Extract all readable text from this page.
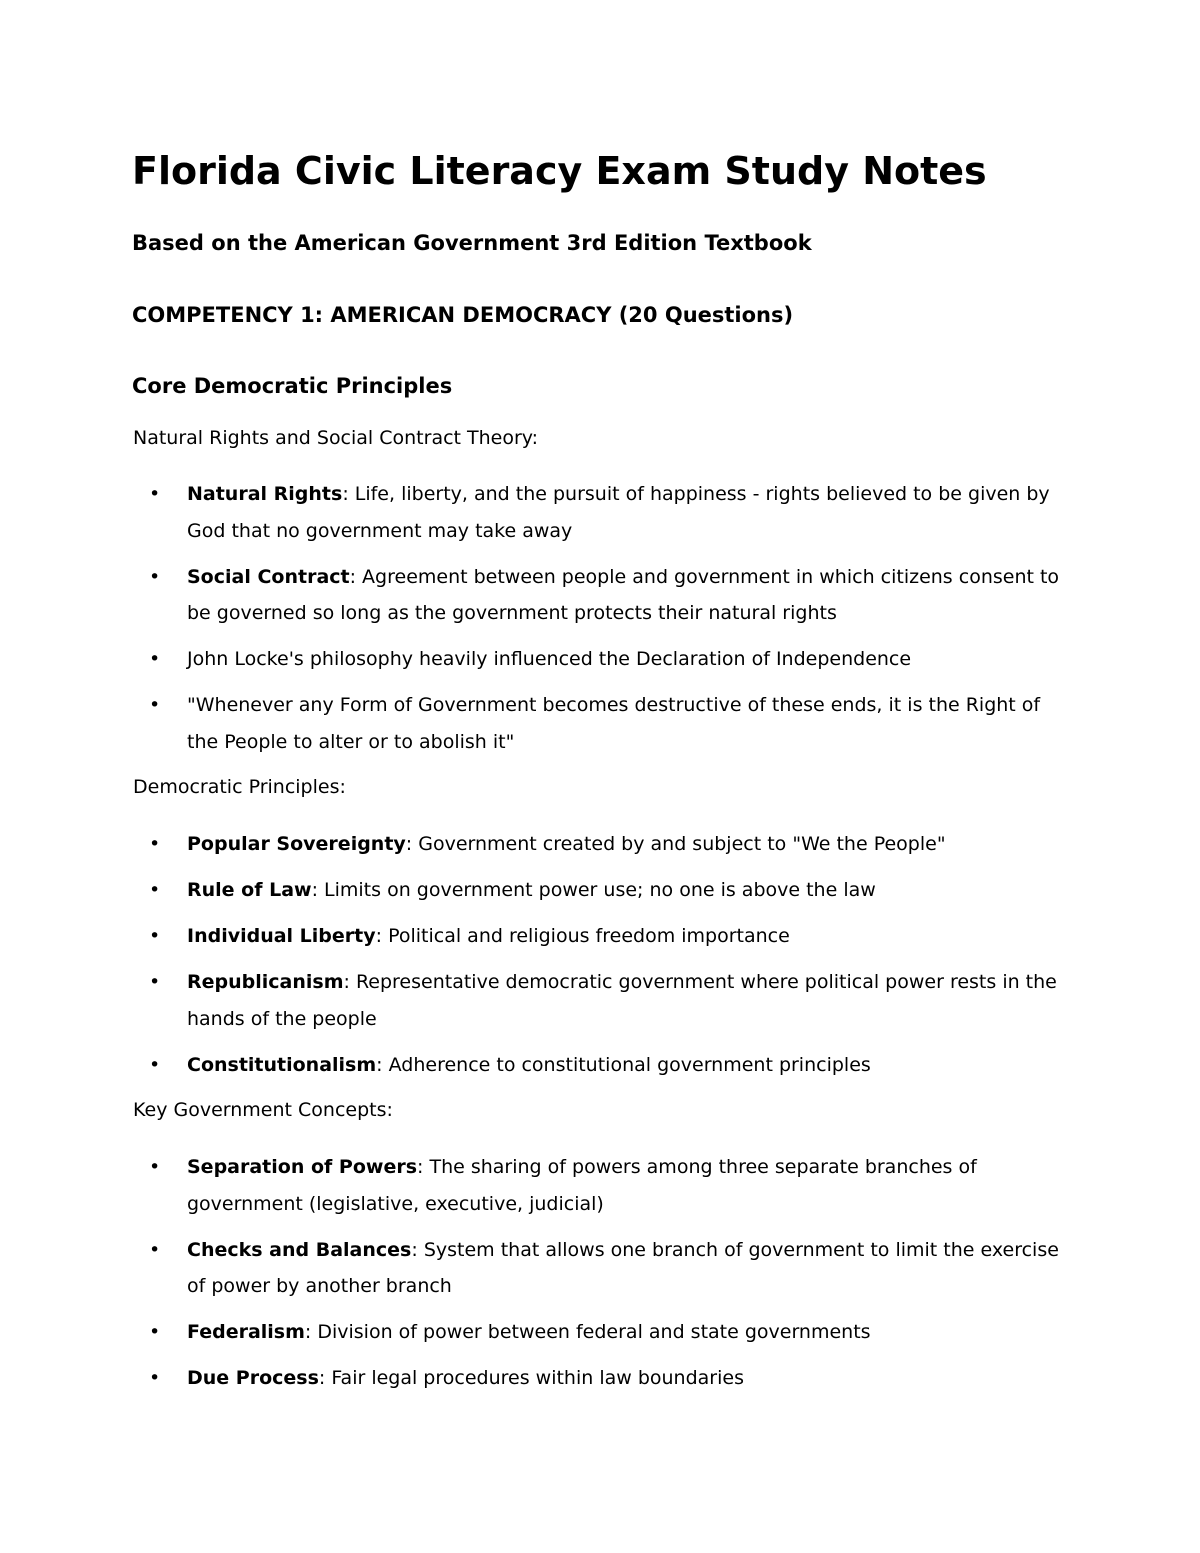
Florida Civic Literacy Exam Study Notes
Based on the American Government 3rd Edition Textbook
COMPETENCY 1: AMERICAN DEMOCRACY (20 Questions)
Core Democratic Principles

Natural Rights and Social Contract Theory:

• Natural Rights: Life, liberty, and the pursuit of happiness - rights believed to be given by God that no government may take away
• Social Contract: Agreement between people and government in which citizens consent to be governed so long as the government protects their natural rights
• John Locke's philosophy heavily influenced the Declaration of Independence
• "Whenever any Form of Government becomes destructive of these ends, it is the Right of the People to alter or to abolish it"

Democratic Principles:

• Popular Sovereignty: Government created by and subject to "We the People"
• Rule of Law: Limits on government power use; no one is above the law
• Individual Liberty: Political and religious freedom importance
• Republicanism: Representative democratic government where political power rests in the hands of the people
• Constitutionalism: Adherence to constitutional government principles

Key Government Concepts:

• Separation of Powers: The sharing of powers among three separate branches of government (legislative, executive, judicial)
• Checks and Balances: System that allows one branch of government to limit the exercise of power by another branch
• Federalism: Division of power between federal and state governments
• Due Process: Fair legal procedures within law boundaries
